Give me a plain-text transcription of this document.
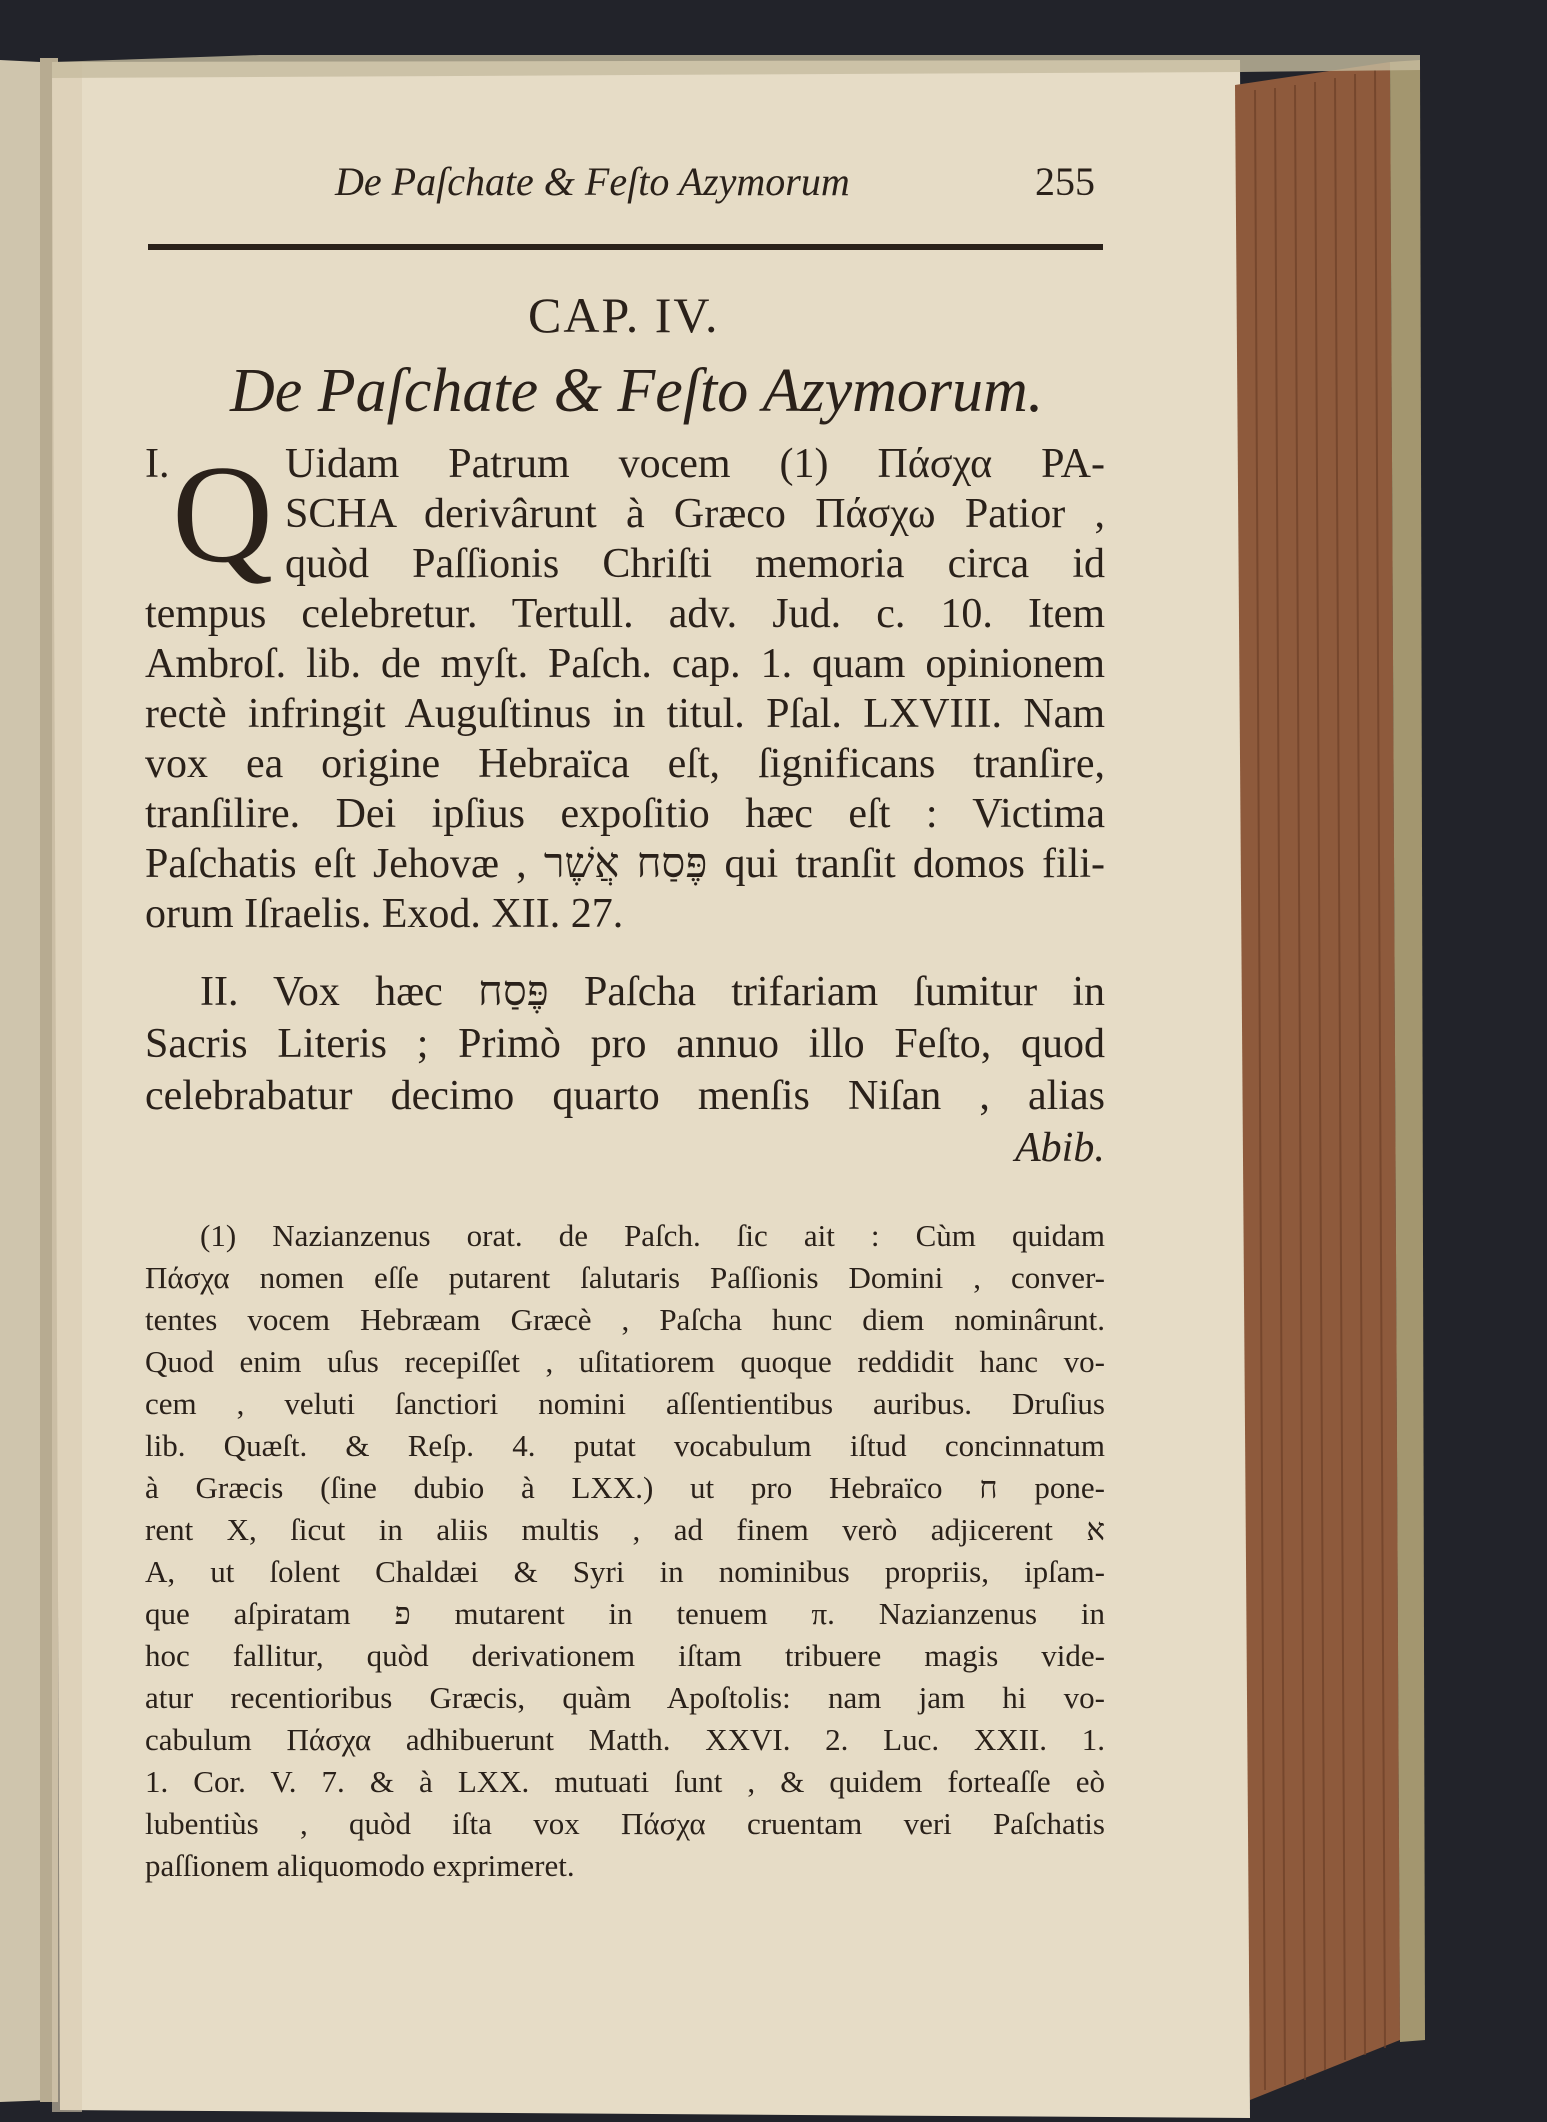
De Paſchate & Feſto Azymorum	255
CAP. IV.
De Paſchate & Feſto Azymorum.
I. Q Uidam Patrum vocem (1) Πάσχα PA-
SCHA derivârunt à Græco Πάσχω Patior ,
quòd Paſſionis Chriſti memoria circa id
tempus celebretur. Tertull. adv. Jud. c. 10. Item
Ambroſ. lib. de myſt. Paſch. cap. 1. quam opinionem
rectè infringit Auguſtinus in titul. Pſal. LXVIII. Nam
vox ea origine Hebraïca eſt, ſignificans tranſire,
tranſilire. Dei ipſius expoſitio hæc eſt : Victima
Paſchatis eſt Jehovæ , פֶּסַח אֲשֶׁר qui tranſit domos fili-
orum Iſraelis. Exod. XII. 27.
II. Vox hæc פֶּסַח Paſcha trifariam ſumitur in
Sacris Literis ; Primò pro annuo illo Feſto, quod
celebrabatur decimo quarto menſis Niſan , alias
Abib.
(1) Nazianzenus orat. de Paſch. ſic ait : Cùm quidam
Πάσχα nomen eſſe putarent ſalutaris Paſſionis Domini , conver-
tentes vocem Hebræam Græcè , Paſcha hunc diem nominârunt.
Quod enim uſus recepiſſet , uſitatiorem quoque reddidit hanc vo-
cem , veluti ſanctiori nomini aſſentientibus auribus. Druſius
lib. Quæſt. & Reſp. 4. putat vocabulum iſtud concinnatum
à Græcis (ſine dubio à LXX.) ut pro Hebraïco ח pone-
rent X, ſicut in aliis multis , ad finem verò adjicerent א
A, ut ſolent Chaldæi & Syri in nominibus propriis, ipſam-
que aſpiratam פ mutarent in tenuem π. Nazianzenus in
hoc fallitur, quòd derivationem iſtam tribuere magis vide-
atur recentioribus Græcis, quàm Apoſtolis: nam jam hi vo-
cabulum Πάσχα adhibuerunt Matth. XXVI. 2. Luc. XXII. 1.
1. Cor. V. 7. & à LXX. mutuati ſunt , & quidem forteaſſe eò
lubentiùs , quòd iſta vox Πάσχα cruentam veri Paſchatis
paſſionem aliquomodo exprimeret.
